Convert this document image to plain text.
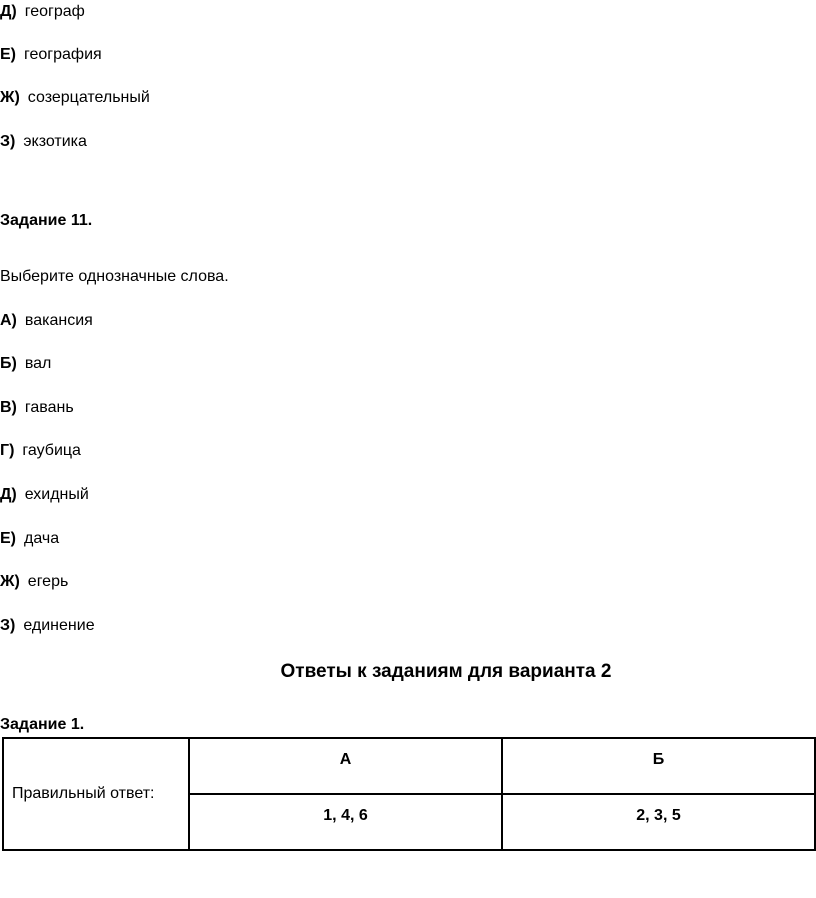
Д) географ
Е) география
Ж) созерцательный
З) экзотика
Задание 11.
Выберите однозначные слова.
А) вакансия
Б) вал
В) гавань
Г) гаубица
Д) ехидный
Е) дача
Ж) егерь
З) единение
Ответы к заданиям для варианта 2
Задание 1.
Правильный ответ:	А	Б
	1, 4, 6	2, 3, 5
